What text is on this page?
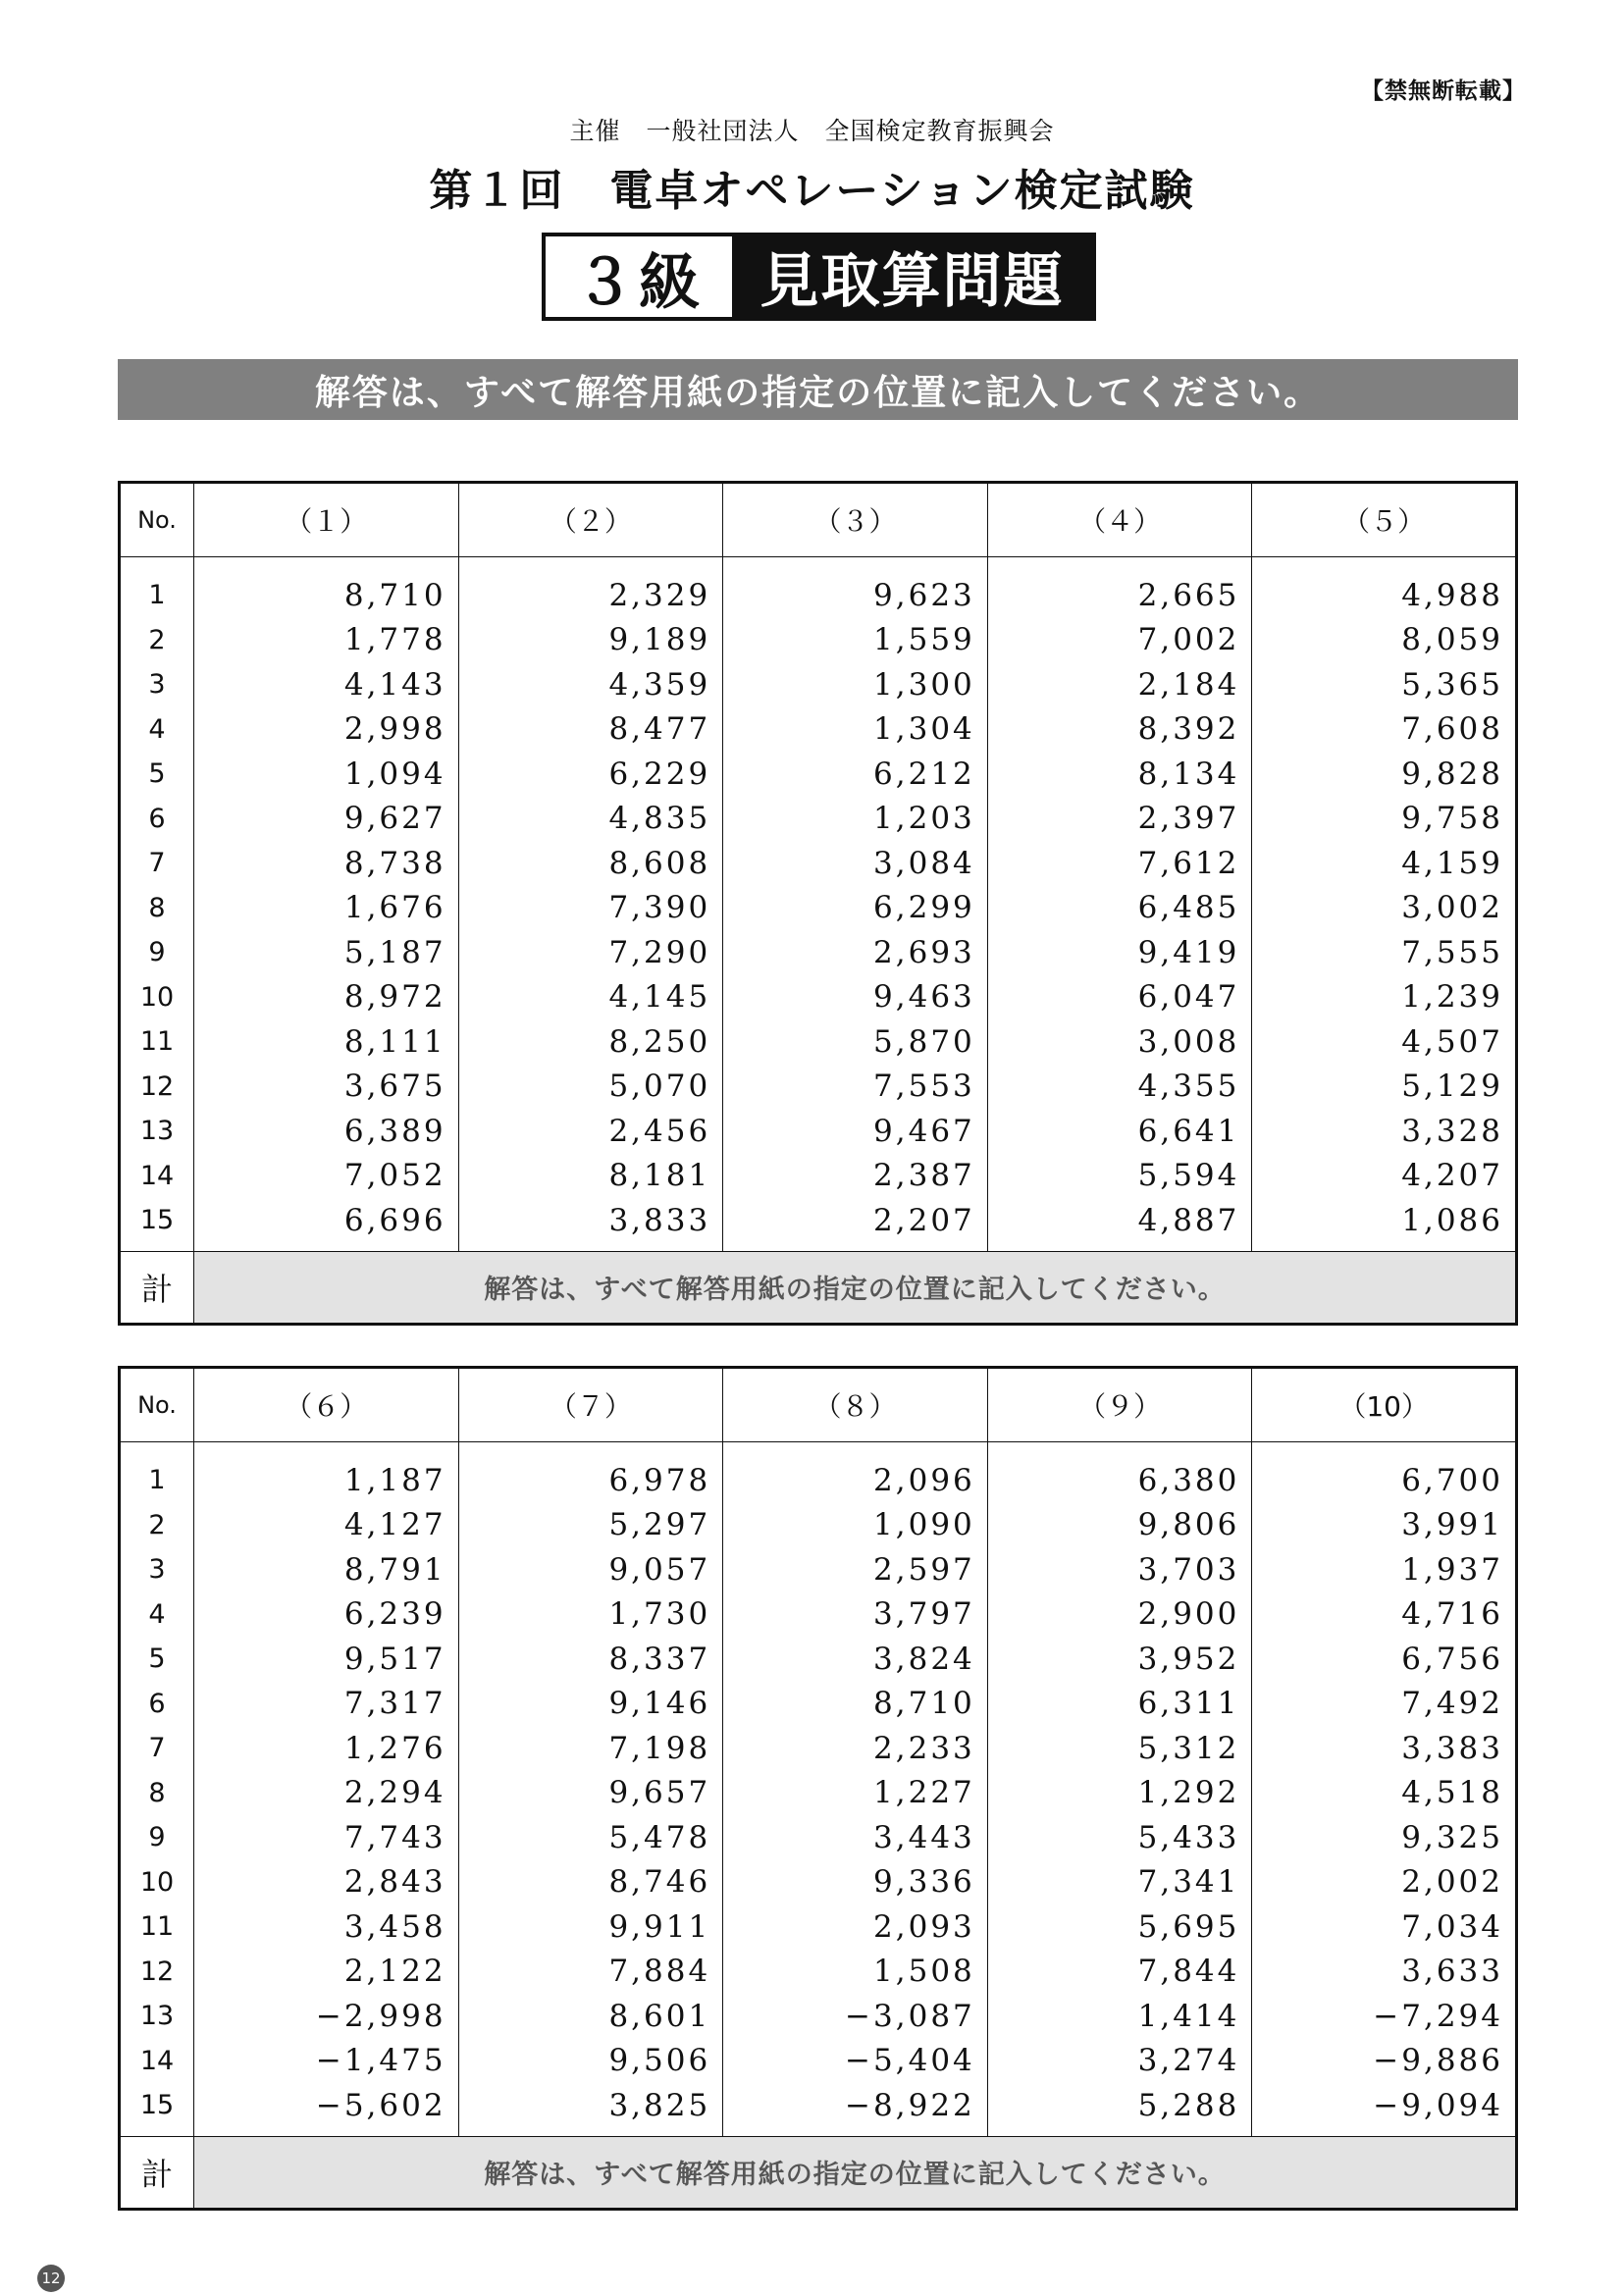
【禁無断転載】
主催　一般社団法人　全国検定教育振興会
第１回　電卓オペレーション検定試験
３級 見取算問題
解答は、すべて解答用紙の指定の位置に記入してください。
No.	（１）	（２）	（３）	（４）	（５）
1	8,710	2,329	9,623	2,665	4,988
2	1,778	9,189	1,559	7,002	8,059
3	4,143	4,359	1,300	2,184	5,365
4	2,998	8,477	1,304	8,392	7,608
5	1,094	6,229	6,212	8,134	9,828
6	9,627	4,835	1,203	2,397	9,758
7	8,738	8,608	3,084	7,612	4,159
8	1,676	7,390	6,299	6,485	3,002
9	5,187	7,290	2,693	9,419	7,555
10	8,972	4,145	9,463	6,047	1,239
11	8,111	8,250	5,870	3,008	4,507
12	3,675	5,070	7,553	4,355	5,129
13	6,389	2,456	9,467	6,641	3,328
14	7,052	8,181	2,387	5,594	4,207
15	6,696	3,833	2,207	4,887	1,086
計	解答は、すべて解答用紙の指定の位置に記入してください。				
No.	（６）	（７）	（８）	（９）	（10）
1	1,187	6,978	2,096	6,380	6,700
2	4,127	5,297	1,090	9,806	3,991
3	8,791	9,057	2,597	3,703	1,937
4	6,239	1,730	3,797	2,900	4,716
5	9,517	8,337	3,824	3,952	6,756
6	7,317	9,146	8,710	6,311	7,492
7	1,276	7,198	2,233	5,312	3,383
8	2,294	9,657	1,227	1,292	4,518
9	7,743	5,478	3,443	5,433	9,325
10	2,843	8,746	9,336	7,341	2,002
11	3,458	9,911	2,093	5,695	7,034
12	2,122	7,884	1,508	7,844	3,633
13	−2,998	8,601	−3,087	1,414	−7,294
14	−1,475	9,506	−5,404	3,274	−9,886
15	−5,602	3,825	−8,922	5,288	−9,094
計	解答は、すべて解答用紙の指定の位置に記入してください。				
12
